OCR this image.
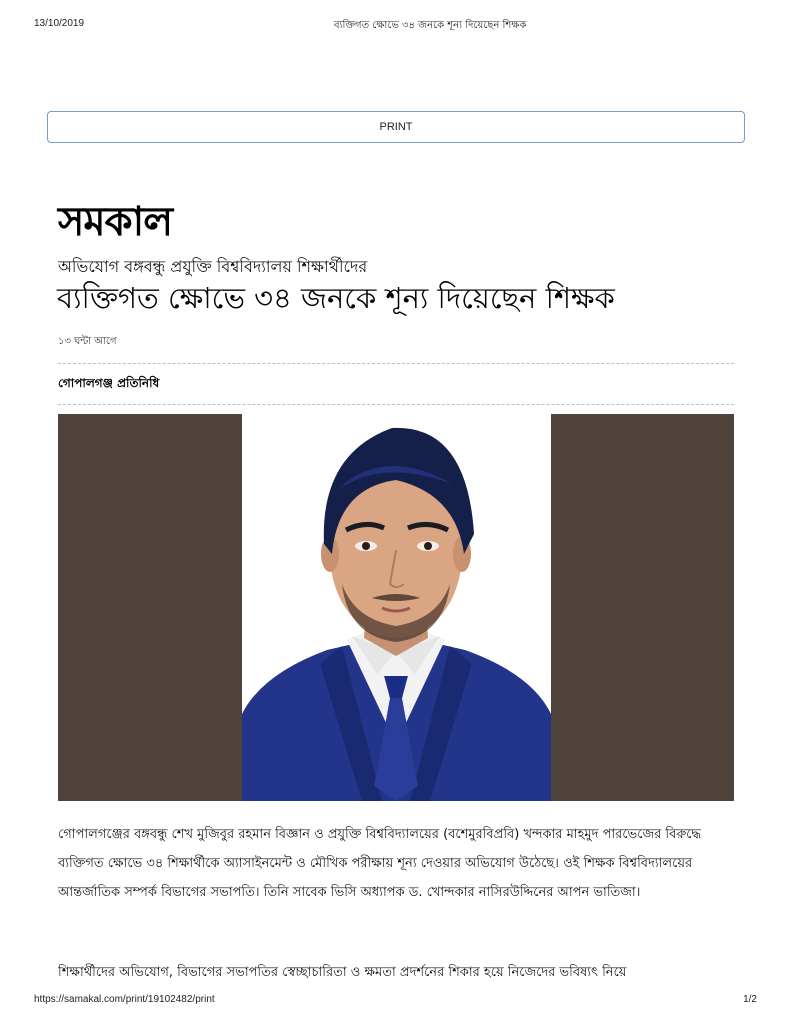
13/10/2019	ব্যক্তিগত ক্ষোভে ৩৪ জনকে শূন্য দিয়েছেন শিক্ষক
PRINT
সমকাল
অভিযোগ বঙ্গবন্ধু প্রযুক্তি বিশ্ববিদ্যালয় শিক্ষার্থীদের
ব্যক্তিগত ক্ষোভে ৩৪ জনকে শূন্য দিয়েছেন শিক্ষক
১৩ ঘন্টা আগে
গোপালগঞ্জ প্রতিনিধি
গোপালগঞ্জের বঙ্গবন্ধু শেখ মুজিবুর রহমান বিজ্ঞান ও প্রযুক্তি বিশ্ববিদ্যালয়ের (বশেমুরবিপ্রবি) খন্দকার মাহমুদ পারভেজের বিরুদ্ধে ব্যক্তিগত ক্ষোভে ৩৪ শিক্ষার্থীকে অ্যাসাইনমেন্ট ও মৌখিক পরীক্ষায় শূন্য দেওয়ার অভিযোগ উঠেছে। ওই শিক্ষক বিশ্ববিদ্যালয়ের আন্তর্জাতিক সম্পর্ক বিভাগের সভাপতি। তিনি সাবেক ভিসি অধ্যাপক ড. খোন্দকার নাসিরউদ্দিনের আপন ভাতিজা।
শিক্ষার্থীদের অভিযোগ, বিভাগের সভাপতির স্বেচ্ছাচারিতা ও ক্ষমতা প্রদর্শনের শিকার হয়ে নিজেদের ভবিষ্যৎ নিয়ে
https://samakal.com/print/19102482/print	1/2
